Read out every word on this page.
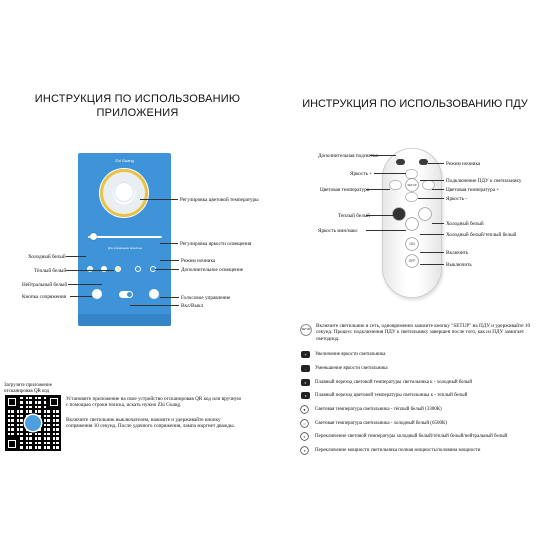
ИНСТРУКЦИЯ ПО ИСПОЛЬЗОВАНИЮ
ПРИЛОЖЕНИЯ
ИНСТРУКЦИЯ ПО ИСПОЛЬЗОВАНИЮ ПДУ
Zhi Guang
Для управления яркостью
Регулировка цветовой температуры
Регулировка яркости освещения
Холодный белый
Режим ночника
Тёплый белый	Дополнительное освещение
Нейтральный белый
Кнопка сопряжения	Голосовое управление
Вкл/Выкл
SETUP
ON
OFF
Дополнительная подсветка
Режим ночника
Яркость +
Подключение ПДУ к светильнику
Цветовая температура -	Цветовая температура +
Яркость -
Теплый белый
Холодный белый
Яркость мин/макс
Холодный белый/теплый белый
Включить
Выключить
SETUP
Включите светильник в сеть, одновременно зажмите кнопку "SETUP" на ПДУ и удерживайте 10 секунд. Процесс подключения ПДУ к светильнику завершен после того, как из ПДУ замигает светодиод.
+	Увеличение яркости светильника
-	Уменьшение яркости светильника
◐	Плавный переход световой температуры светильника к - холодный белый
◑	Плавный переход цветовой температуры светильника к - теплый белый
●	Световая температура светильника - тёплый белый (3300К)
○	Световая температура светильника - холодный белый (6500К)
◐	Переключение световой температуры холодный белый/тёплый белый/нейтральный белый
◑	Переключение мощности светильника полная мощность/половина мощности
Загрузите приложение
отсканировав QR код
Установите приложение на свое устройство отсканировав QR код или вручную с помощью строки поиска, искать нужно Zhi Guang.
Включите светильник выключателем, нажмите и удерживайте кнопку сопряжения 10 секунд. После удачного сопряжения, лампа моргнет дважды.
